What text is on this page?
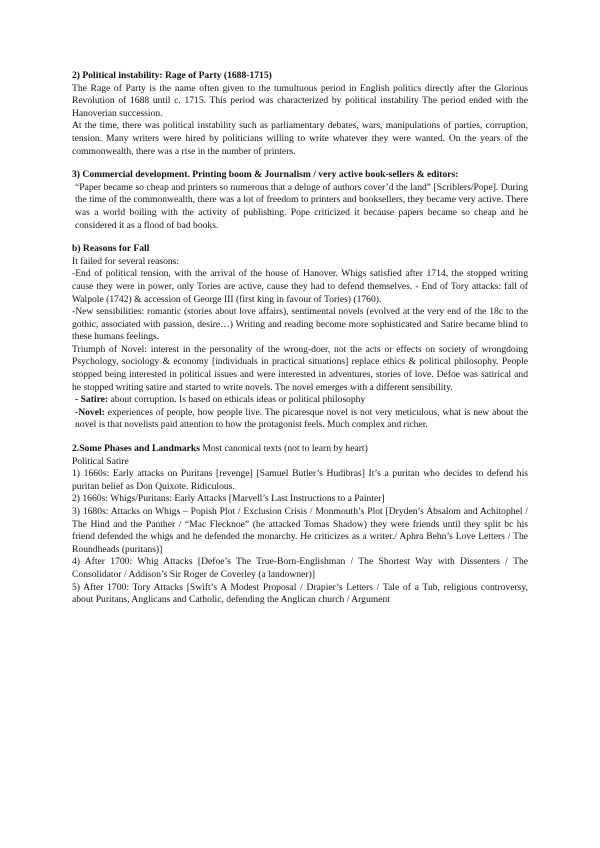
2) Political instability: Rage of Party (1688-1715)

The Rage of Party is the name often given to the tumultuous period in English politics directly after the Glorious Revolution of 1688 until c. 1715. This period was characterized by political instability The period ended with the Hanoverian succession.

At the time, there was political instability such as parliamentary debates, wars, manipulations of parties, corruption, tension. Many writers were hired by politicians willing to write whatever they were wanted. On the years of the commonwealth, there was a rise in the number of printers.

3) Commercial development. Printing boom & Journalism / very active book-sellers & editors:

“Paper became so cheap and printers so numerous that a deluge of authors cover’d the land” [Scriblers/Pope]. During the time of the commonwealth, there was a lot of freedom to printers and booksellers, they became very active. There was a world boiling with the activity of publishing. Pope criticized it because papers became so cheap and he considered it as a flood of bad books.

b) Reasons for Fall

It failed for several reasons:

-End of political tension, with the arrival of the house of Hanover. Whigs satisfied after 1714, the stopped writing cause they were in power, only Tories are active, cause they had to defend themselves. - End of Tory attacks: fall of Walpole (1742) & accession of George III (first king in favour of Tories) (1760).

-New sensibilities: romantic (stories about love affairs), sentimental novels (evolved at the very end of the 18c to the gothic, associated with passion, desire…) Writing and reading become more sophisticated and Satire became blind to these humans feelings.

Triumph of Novel: interest in the personality of the wrong-doer, not the acts or effects on society of wrongdoing Psychology, sociology & economy [individuals in practical situations] replace ethics & political philosophy. People stopped being interested in political issues and were interested in adventures, stories of love. Defoe was satirical and he stopped writing satire and started to write novels. The novel emerges with a different sensibility.

- Satire: about corruption. Is based on ethicals ideas or political philosophy

-Novel: experiences of people, how people live. The picaresque novel is not very meticulous, what is new about the novel is that novelists paid attention to how the protagonist feels. Much complex and richer.

2.Some Phases and Landmarks Most canonical texts (not to learn by heart)

Political Satire

1) 1660s: Early attacks on Puritans [revenge] [Samuel Butler’s Hudibras] It’s a puritan who decides to defend his puritan belief as Don Quixote. Ridiculous.

2) 1660s: Whigs/Puritans: Early Attacks [Marvell’s Last Instructions to a Painter]

3) 1680s: Attacks on Whigs – Popish Plot / Exclusion Crisis / Monmouth’s Plot [Dryden’s Absalom and Achitophel / The Hind and the Panther / “Mac Flecknoe” (he attacked Tomas Shadow) they were friends until they split bc his friend defended the whigs and he defended the monarchy. He criticizes as a writer./ Aphra Behn’s Love Letters / The Roundheads (puritans)]

4) After 1700: Whig Attacks [Defoe’s The True-Born-Englishman / The Shortest Way with Dissenters / The Consolidator / Addison’s Sir Roger de Coverley (a landowner)]

5) After 1700: Tory Attacks [Swift’s A Modest Proposal / Drapier’s Letters / Tale of a Tub, religious controversy, about Puritans, Anglicans and Catholic, defending the Anglican church / Argument
